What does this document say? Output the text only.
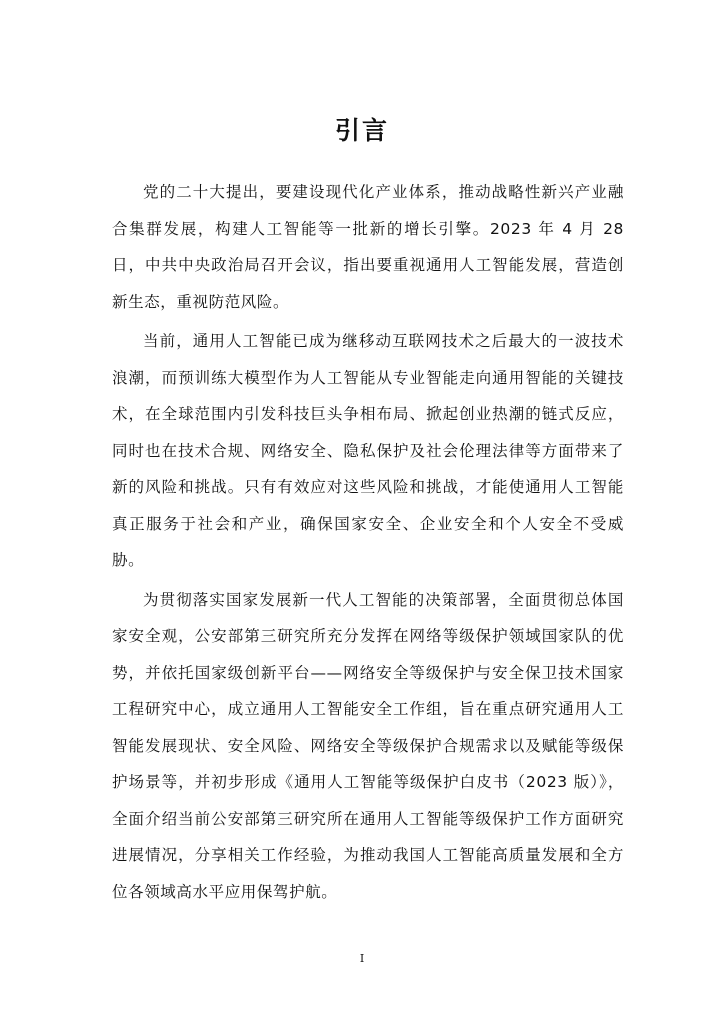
引言

党的二十大提出，要建设现代化产业体系，推动战略性新兴产业融合集群发展，构建人工智能等一批新的增长引擎。2023 年 4 月 28 日，中共中央政治局召开会议，指出要重视通用人工智能发展，营造创新生态，重视防范风险。

当前，通用人工智能已成为继移动互联网技术之后最大的一波技术浪潮，而预训练大模型作为人工智能从专业智能走向通用智能的关键技术，在全球范围内引发科技巨头争相布局、掀起创业热潮的链式反应，同时也在技术合规、网络安全、隐私保护及社会伦理法律等方面带来了新的风险和挑战。只有有效应对这些风险和挑战，才能使通用人工智能真正服务于社会和产业，确保国家安全、企业安全和个人安全不受威胁。

为贯彻落实国家发展新一代人工智能的决策部署，全面贯彻总体国家安全观，公安部第三研究所充分发挥在网络等级保护领域国家队的优势，并依托国家级创新平台——网络安全等级保护与安全保卫技术国家工程研究中心，成立通用人工智能安全工作组，旨在重点研究通用人工智能发展现状、安全风险、网络安全等级保护合规需求以及赋能等级保护场景等，并初步形成《通用人工智能等级保护白皮书（2023 版）》，全面介绍当前公安部第三研究所在通用人工智能等级保护工作方面研究进展情况，分享相关工作经验，为推动我国人工智能高质量发展和全方位各领域高水平应用保驾护航。

I
